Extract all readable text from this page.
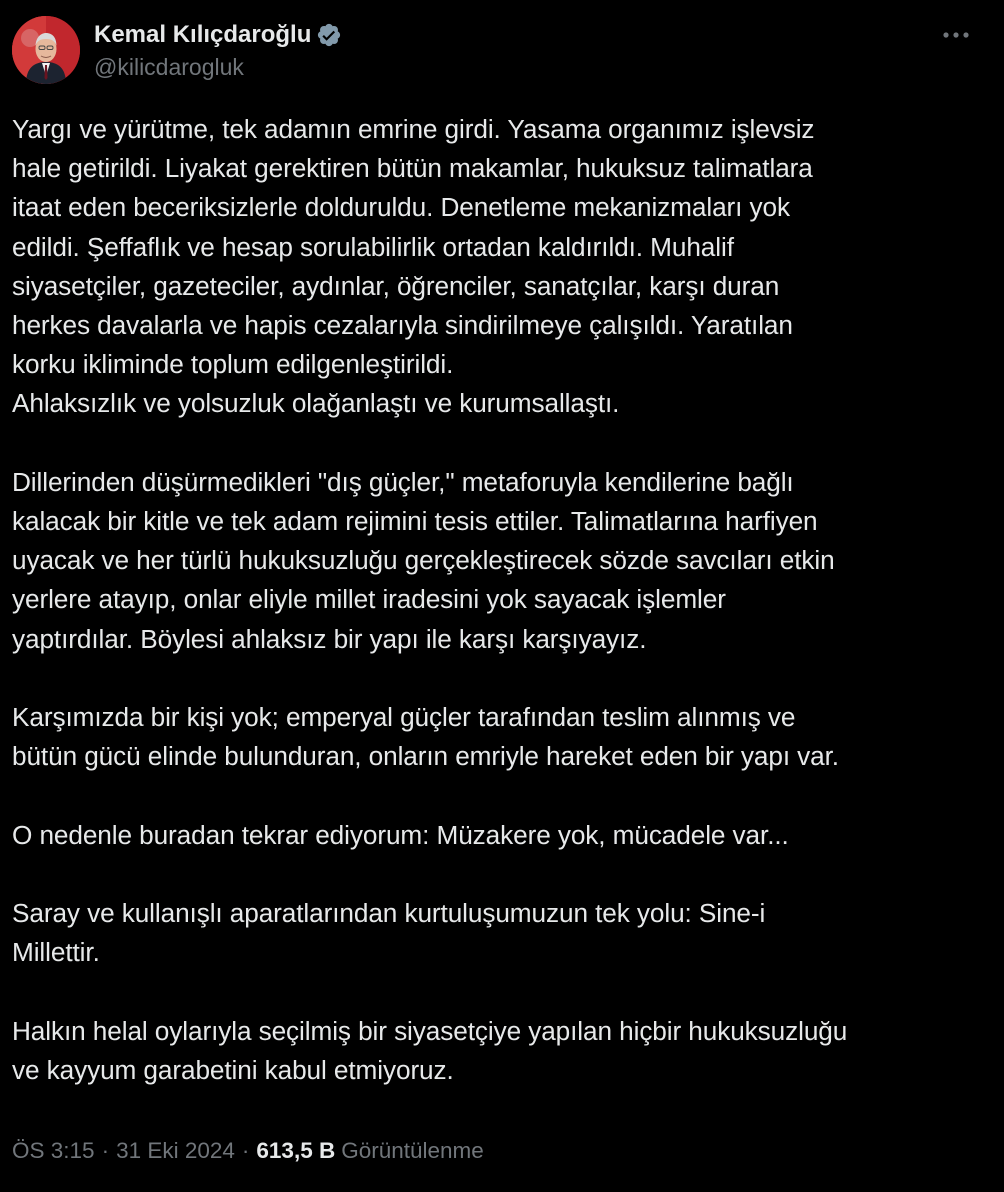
Kemal Kılıçdaroğlu
@kilicdarogluk

Yargı ve yürütme, tek adamın emrine girdi. Yasama organımız işlevsiz
hale getirildi. Liyakat gerektiren bütün makamlar, hukuksuz talimatlara
itaat eden beceriksizlerle dolduruldu. Denetleme mekanizmaları yok
edildi. Şeffaflık ve hesap sorulabilirlik ortadan kaldırıldı. Muhalif
siyasetçiler, gazeteciler, aydınlar, öğrenciler, sanatçılar, karşı duran
herkes davalarla ve hapis cezalarıyla sindirilmeye çalışıldı. Yaratılan
korku ikliminde toplum edilgenleştirildi.
Ahlaksızlık ve yolsuzluk olağanlaştı ve kurumsallaştı.

Dillerinden düşürmedikleri "dış güçler," metaforuyla kendilerine bağlı
kalacak bir kitle ve tek adam rejimini tesis ettiler. Talimatlarına harfiyen
uyacak ve her türlü hukuksuzluğu gerçekleştirecek sözde savcıları etkin
yerlere atayıp, onlar eliyle millet iradesini yok sayacak işlemler
yaptırdılar. Böylesi ahlaksız bir yapı ile karşı karşıyayız.

Karşımızda bir kişi yok; emperyal güçler tarafından teslim alınmış ve
bütün gücü elinde bulunduran, onların emriyle hareket eden bir yapı var.

O nedenle buradan tekrar ediyorum: Müzakere yok, mücadele var...

Saray ve kullanışlı aparatlarından kurtuluşumuzun tek yolu: Sine-i
Millettir.

Halkın helal oylarıyla seçilmiş bir siyasetçiye yapılan hiçbir hukuksuzluğu
ve kayyum garabetini kabul etmiyoruz.

ÖS 3:15 · 31 Eki 2024 · 613,5 B Görüntülenme
